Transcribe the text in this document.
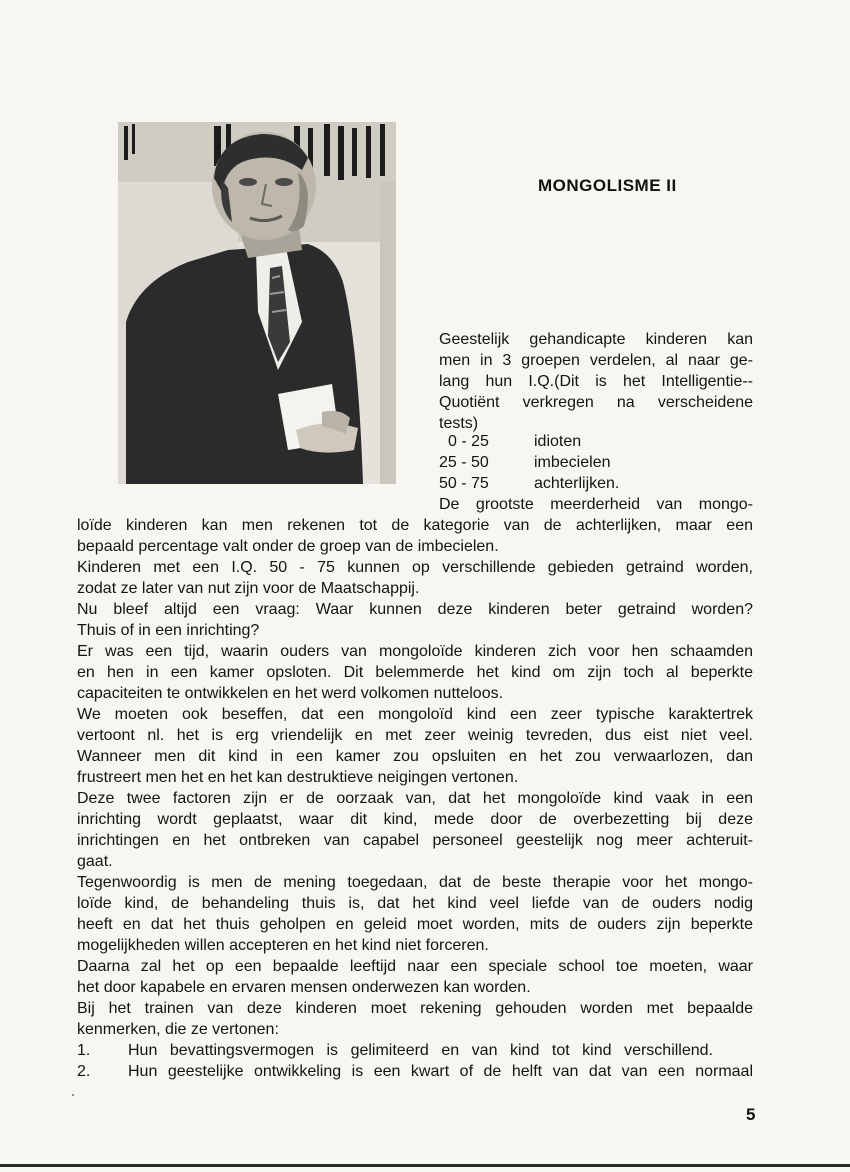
MONGOLISME II

Geestelijk gehandicapte kinderen kan

men in 3 groepen verdelen, al naar ge-

lang hun I.Q.(Dit is het Intelligentie--

Quotiënt verkregen na verscheidene

tests)

0 - 25	idioten
25 - 50	imbecielen
50 - 75	achterlijken.

De grootste meerderheid van mongo-

loïde kinderen kan men rekenen tot de kategorie van de achterlijken, maar een

bepaald percentage valt onder de groep van de imbecielen.

Kinderen met een I.Q. 50 - 75 kunnen op verschillende gebieden getraind worden,

zodat ze later van nut zijn voor de Maatschappij.

Nu bleef altijd een vraag: Waar kunnen deze kinderen beter getraind worden?

Thuis of in een inrichting?

Er was een tijd, waarin ouders van mongoloïde kinderen zich voor hen schaamden

en hen in een kamer opsloten. Dit belemmerde het kind om zijn toch al beperkte

capaciteiten te ontwikkelen en het werd volkomen nutteloos.

We moeten ook beseffen, dat een mongoloïd kind een zeer typische karaktertrek

vertoont nl. het is erg vriendelijk en met zeer weinig tevreden, dus eist niet veel.

Wanneer men dit kind in een kamer zou opsluiten en het zou verwaarlozen, dan

frustreert men het en het kan destruktieve neigingen vertonen.

Deze twee factoren zijn er de oorzaak van, dat het mongoloïde kind vaak in een

inrichting wordt geplaatst, waar dit kind, mede door de overbezetting bij deze

inrichtingen en het ontbreken van capabel personeel geestelijk nog meer achteruit-

gaat.

Tegenwoordig is men de mening toegedaan, dat de beste therapie voor het mongo-

loïde kind, de behandeling thuis is, dat het kind veel liefde van de ouders nodig

heeft en dat het thuis geholpen en geleid moet worden, mits de ouders zijn beperkte

mogelijkheden willen accepteren en het kind niet forceren.

Daarna zal het op een bepaalde leeftijd naar een speciale school toe moeten, waar

het door kapabele en ervaren mensen onderwezen kan worden.

Bij het trainen van deze kinderen moet rekening gehouden worden met bepaalde

kenmerken, die ze vertonen:

1. Hun bevattingsvermogen is gelimiteerd en van kind tot kind verschillend.

2. Hun geestelijke ontwikkeling is een kwart of de helft van dat van een normaal

5
